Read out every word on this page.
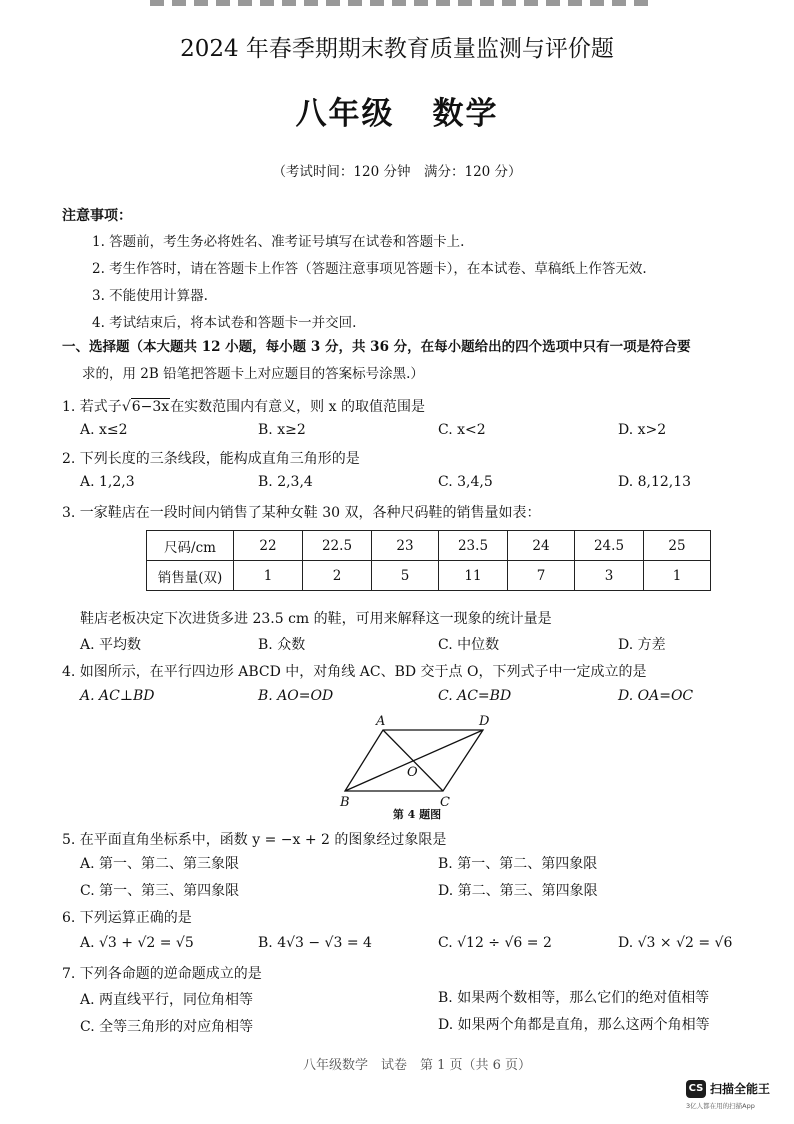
2024 年春季期期末教育质量监测与评价题
八年级 数学
（考试时间：120 分钟　满分：120 分）
注意事项：
1. 答题前，考生务必将姓名、准考证号填写在试卷和答题卡上.
2. 考生作答时，请在答题卡上作答（答题注意事项见答题卡），在本试卷、草稿纸上作答无效.
3. 不能使用计算器.
4. 考试结束后，将本试卷和答题卡一并交回.
一、选择题（本大题共 12 小题，每小题 3 分，共 36 分，在每小题给出的四个选项中只有一项是符合要
求的，用 2B 铅笔把答题卡上对应题目的答案标号涂黑.）
1. 若式子√6−3x在实数范围内有意义，则 x 的取值范围是
A. x≤2	B. x≥2	C. x<2	D. x>2
2. 下列长度的三条线段，能构成直角三角形的是
A. 1,2,3	B. 2,3,4	C. 3,4,5	D. 8,12,13
3. 一家鞋店在一段时间内销售了某种女鞋 30 双，各种尺码鞋的销售量如表：
尺码/cm	22	22.5	23	23.5	24	24.5	25
销售量(双)	1	2	5	11	7	3	1
鞋店老板决定下次进货多进 23.5 cm 的鞋，可用来解释这一现象的统计量是
A. 平均数	B. 众数	C. 中位数	D. 方差
4. 如图所示，在平行四边形 ABCD 中，对角线 AC、BD 交于点 O，下列式子中一定成立的是
A. AC⊥BD	B. AO=OD	C. AC=BD	D. OA=OC
A	D
O
B	C
第 4 题图
5. 在平面直角坐标系中，函数 y = −x + 2 的图象经过象限是
A. 第一、第二、第三象限	B. 第一、第二、第四象限
C. 第一、第三、第四象限	D. 第二、第三、第四象限
6. 下列运算正确的是
A. √3 + √2 = √5	B. 4√3 − √3 = 4	C. √12 ÷ √6 = 2	D. √3 × √2 = √6
7. 下列各命题的逆命题成立的是
A. 两直线平行，同位角相等	B. 如果两个数相等，那么它们的绝对值相等
C. 全等三角形的对应角相等	D. 如果两个角都是直角，那么这两个角相等
八年级数学　试卷　第 1 页（共 6 页）
CS 扫描全能王
3亿人都在用的扫描App
